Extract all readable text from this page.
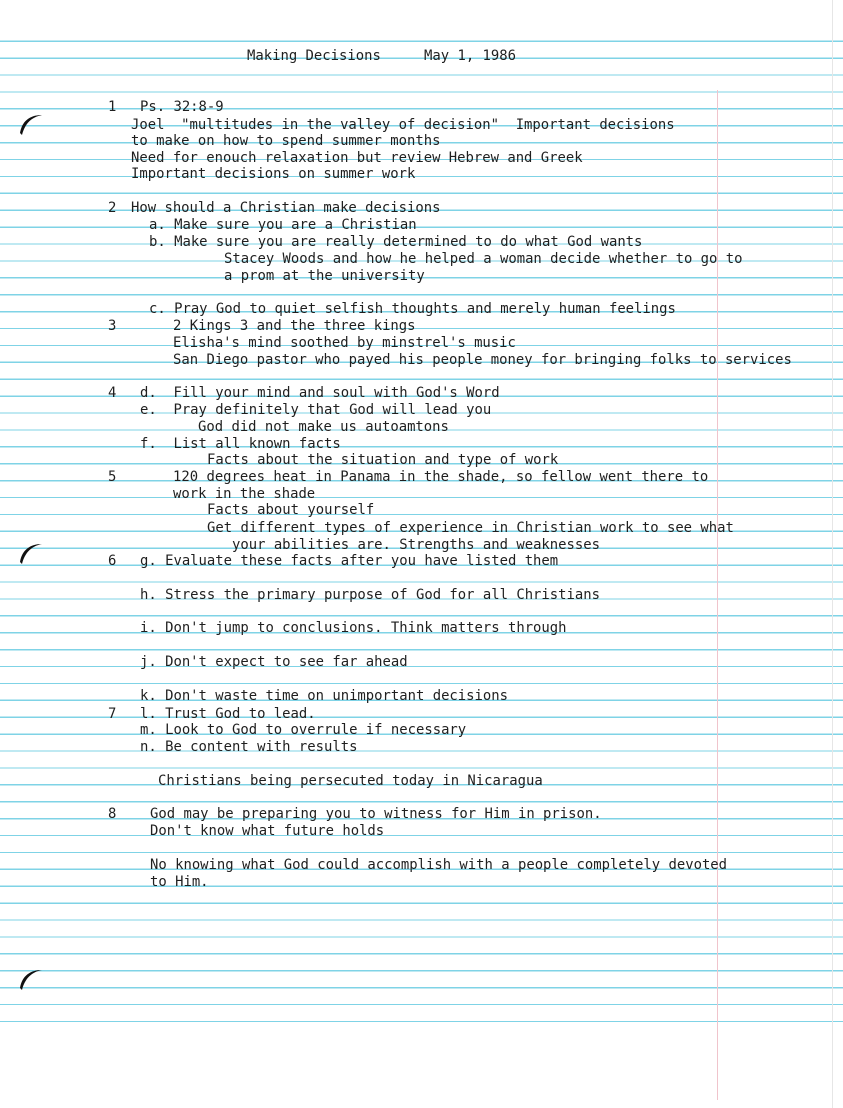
Making Decisions	May 1, 1986
1 Ps. 32:8-9
Joel  "multitudes in the valley of decision"  Important decisions
to make on how to spend summer months
Need for enouch relaxation but review Hebrew and Greek
Important decisions on summer work
2 How should a Christian make decisions
a. Make sure you are a Christian
b. Make sure you are really determined to do what God wants
Stacey Woods and how he helped a woman decide whether to go to
a prom at the university
c. Pray God to quiet selfish thoughts and merely human feelings
3	2 Kings 3 and the three kings
Elisha's mind soothed by minstrel's music
San Diego pastor who payed his people money for bringing folks to services
4 d.  Fill your mind and soul with God's Word
e.  Pray definitely that God will lead you
God did not make us autoamtons
f.  List all known facts
Facts about the situation and type of work
5	120 degrees heat in Panama in the shade, so fellow went there to
work in the shade
Facts about yourself
Get different types of experience in Christian work to see what
your abilities are. Strengths and weaknesses
6 g. Evaluate these facts after you have listed them
h. Stress the primary purpose of God for all Christians
i. Don't jump to conclusions. Think matters through
j. Don't expect to see far ahead
k. Don't waste time on unimportant decisions
7 l. Trust God to lead.
m. Look to God to overrule if necessary
n. Be content with results
Christians being persecuted today in Nicaragua
8 God may be preparing you to witness for Him in prison.
Don't know what future holds
No knowing what God could accomplish with a people completely devoted
to Him.
